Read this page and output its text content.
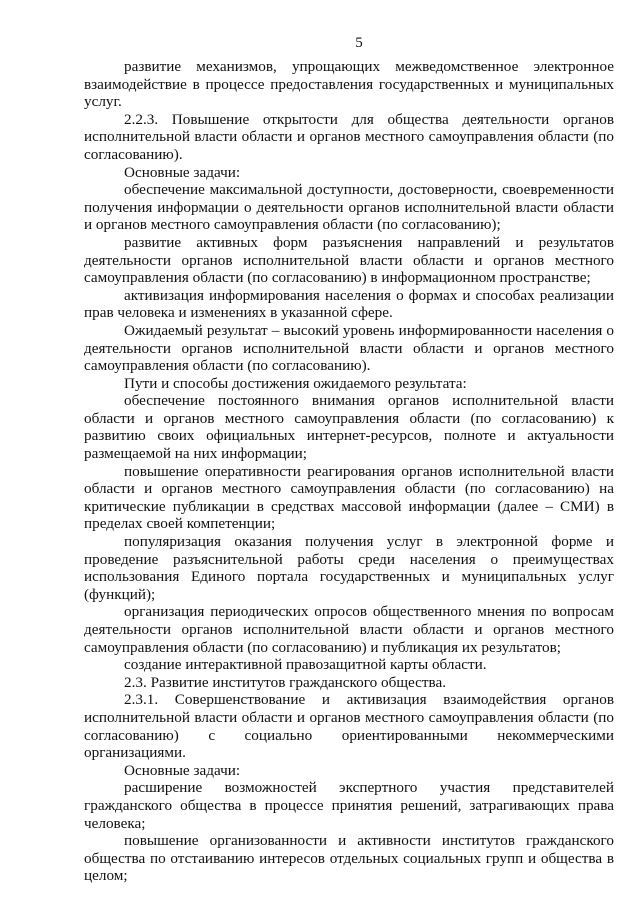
5

развитие механизмов, упрощающих межведомственное электронное взаимодействие в процессе предоставления государственных и муниципальных услуг.

2.2.3. Повышение открытости для общества деятельности органов исполнительной власти области и органов местного самоуправления области (по согласованию).

Основные задачи:

обеспечение максимальной доступности, достоверности, своевременности получения информации о деятельности органов исполнительной власти области и органов местного самоуправления области (по согласованию);

развитие активных форм разъяснения направлений и результатов деятельности органов исполнительной власти области и органов местного самоуправления области (по согласованию) в информационном пространстве;

активизация информирования населения о формах и способах реализации прав человека и изменениях в указанной сфере.

Ожидаемый результат – высокий уровень информированности населения о деятельности органов исполнительной власти области и органов местного самоуправления области (по согласованию).

Пути и способы достижения ожидаемого результата:

обеспечение постоянного внимания органов исполнительной власти области и органов местного самоуправления области (по согласованию) к развитию своих официальных интернет-ресурсов, полноте и актуальности размещаемой на них информации;

повышение оперативности реагирования органов исполнительной власти области и органов местного самоуправления области (по согласованию) на критические публикации в средствах массовой информации (далее – СМИ) в пределах своей компетенции;

популяризация оказания получения услуг в электронной форме и проведение разъяснительной работы среди населения о преимуществах использования Единого портала государственных и муниципальных услуг (функций);

организация периодических опросов общественного мнения по вопросам деятельности органов исполнительной власти области и органов местного самоуправления области (по согласованию) и публикация их результатов;

создание интерактивной правозащитной карты области.

2.3. Развитие институтов гражданского общества.

2.3.1. Совершенствование и активизация взаимодействия органов исполнительной власти области и органов местного самоуправления области (по согласованию) с социально ориентированными некоммерческими организациями.

Основные задачи:

расширение возможностей экспертного участия представителей гражданского общества в процессе принятия решений, затрагивающих права человека;

повышение организованности и активности институтов гражданского общества по отстаиванию интересов отдельных социальных групп и общества в целом;
